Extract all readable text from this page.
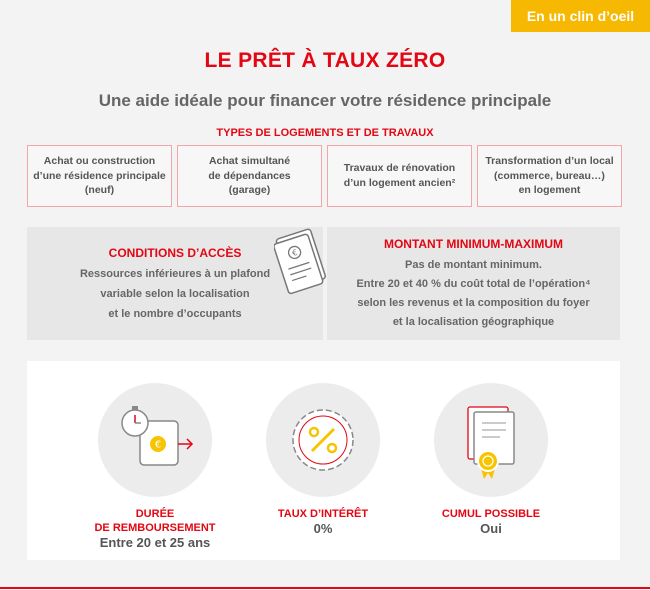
En un clin d’oeil
LE PRÊT À TAUX ZÉRO
Une aide idéale pour financer votre résidence principale
TYPES DE LOGEMENTS ET DE TRAVAUX
Achat ou construction
d’une résidence principale
(neuf)
Achat simultané
de dépendances
(garage)
Travaux de rénovation
d’un logement ancien²
Transformation d’un local
(commerce, bureau…)
en logement
CONDITIONS D’ACCÈS
Ressources inférieures à un plafond
variable selon la localisation
et le nombre d’occupants
MONTANT MINIMUM-MAXIMUM
Pas de montant minimum.
Entre 20 et 40 % du coût total de l’opération⁴
selon les revenus et la composition du foyer
et la localisation géographique
€
€
DURÉE
DE REMBOURSEMENT
Entre 20 et 25 ans
TAUX D’INTÉRÊT
0%
CUMUL POSSIBLE
Oui
